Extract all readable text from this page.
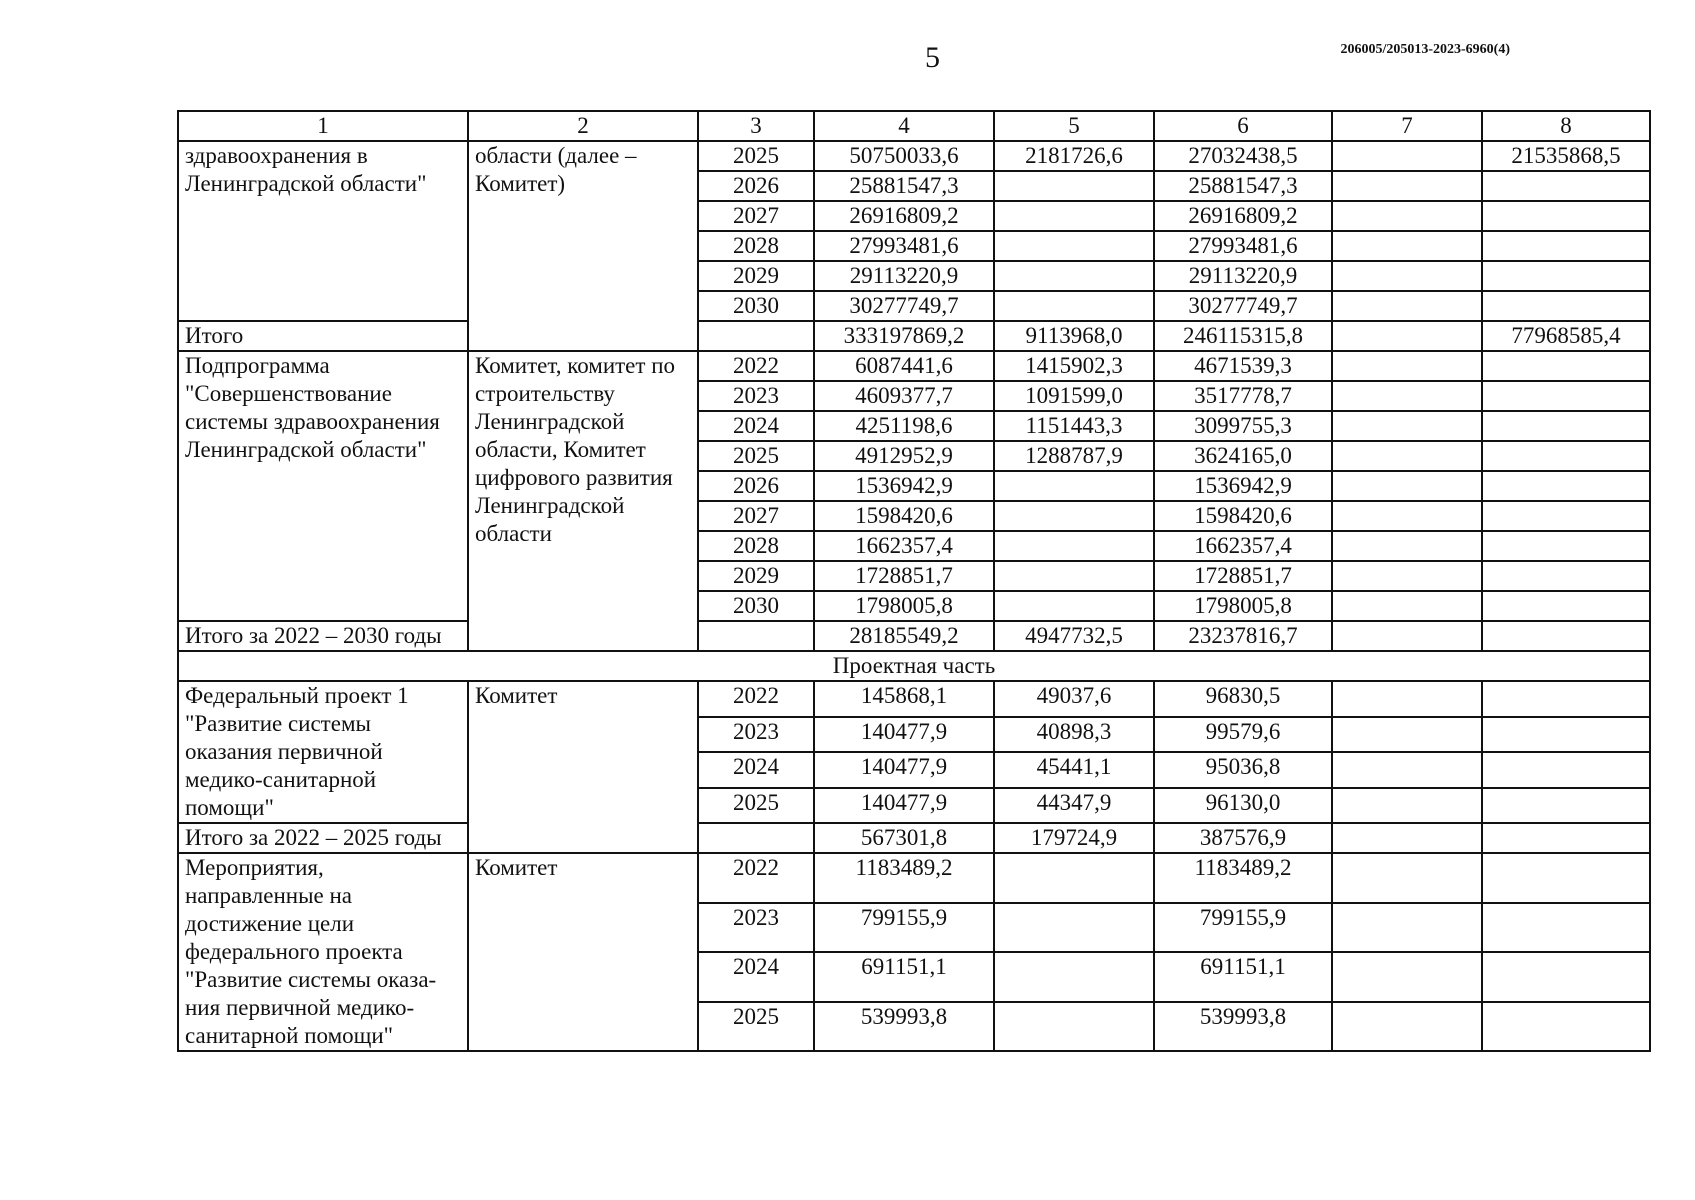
5	206005/205013-2023-6960(4)
1	2	3	4	5	6	7	8
здравоохранения в Ленинградской области"	области (далее – Комитет)	2025	50750033,6	2181726,6	27032438,5		21535868,5
		2026	25881547,3		25881547,3		
		2027	26916809,2		26916809,2		
		2028	27993481,6		27993481,6		
		2029	29113220,9		29113220,9		
		2030	30277749,7		30277749,7		
Итого			333197869,2	9113968,0	246115315,8		77968585,4
Подпрограмма "Совершенствование системы здравоохранения Ленинградской области"	Комитет, комитет по строительству Ленинградской области, Комитет цифрового развития Ленинградской области	2022	6087441,6	1415902,3	4671539,3		
		2023	4609377,7	1091599,0	3517778,7		
		2024	4251198,6	1151443,3	3099755,3		
		2025	4912952,9	1288787,9	3624165,0		
		2026	1536942,9		1536942,9		
		2027	1598420,6		1598420,6		
		2028	1662357,4		1662357,4		
		2029	1728851,7		1728851,7		
		2030	1798005,8		1798005,8		
Итого за 2022 – 2030 годы			28185549,2	4947732,5	23237816,7		
Проектная часть							
Федеральный проект 1 "Развитие системы оказания первичной медико-санитарной помощи"	Комитет	2022	145868,1	49037,6	96830,5		
		2023	140477,9	40898,3	99579,6		
		2024	140477,9	45441,1	95036,8		
		2025	140477,9	44347,9	96130,0		
Итого за 2022 – 2025 годы			567301,8	179724,9	387576,9		
Мероприятия, направленные на достижение цели федерального проекта "Развитие системы оказа-ния первичной медико-санитарной помощи"	Комитет	2022	1183489,2		1183489,2		
		2023	799155,9		799155,9		
		2024	691151,1		691151,1		
		2025	539993,8		539993,8		
